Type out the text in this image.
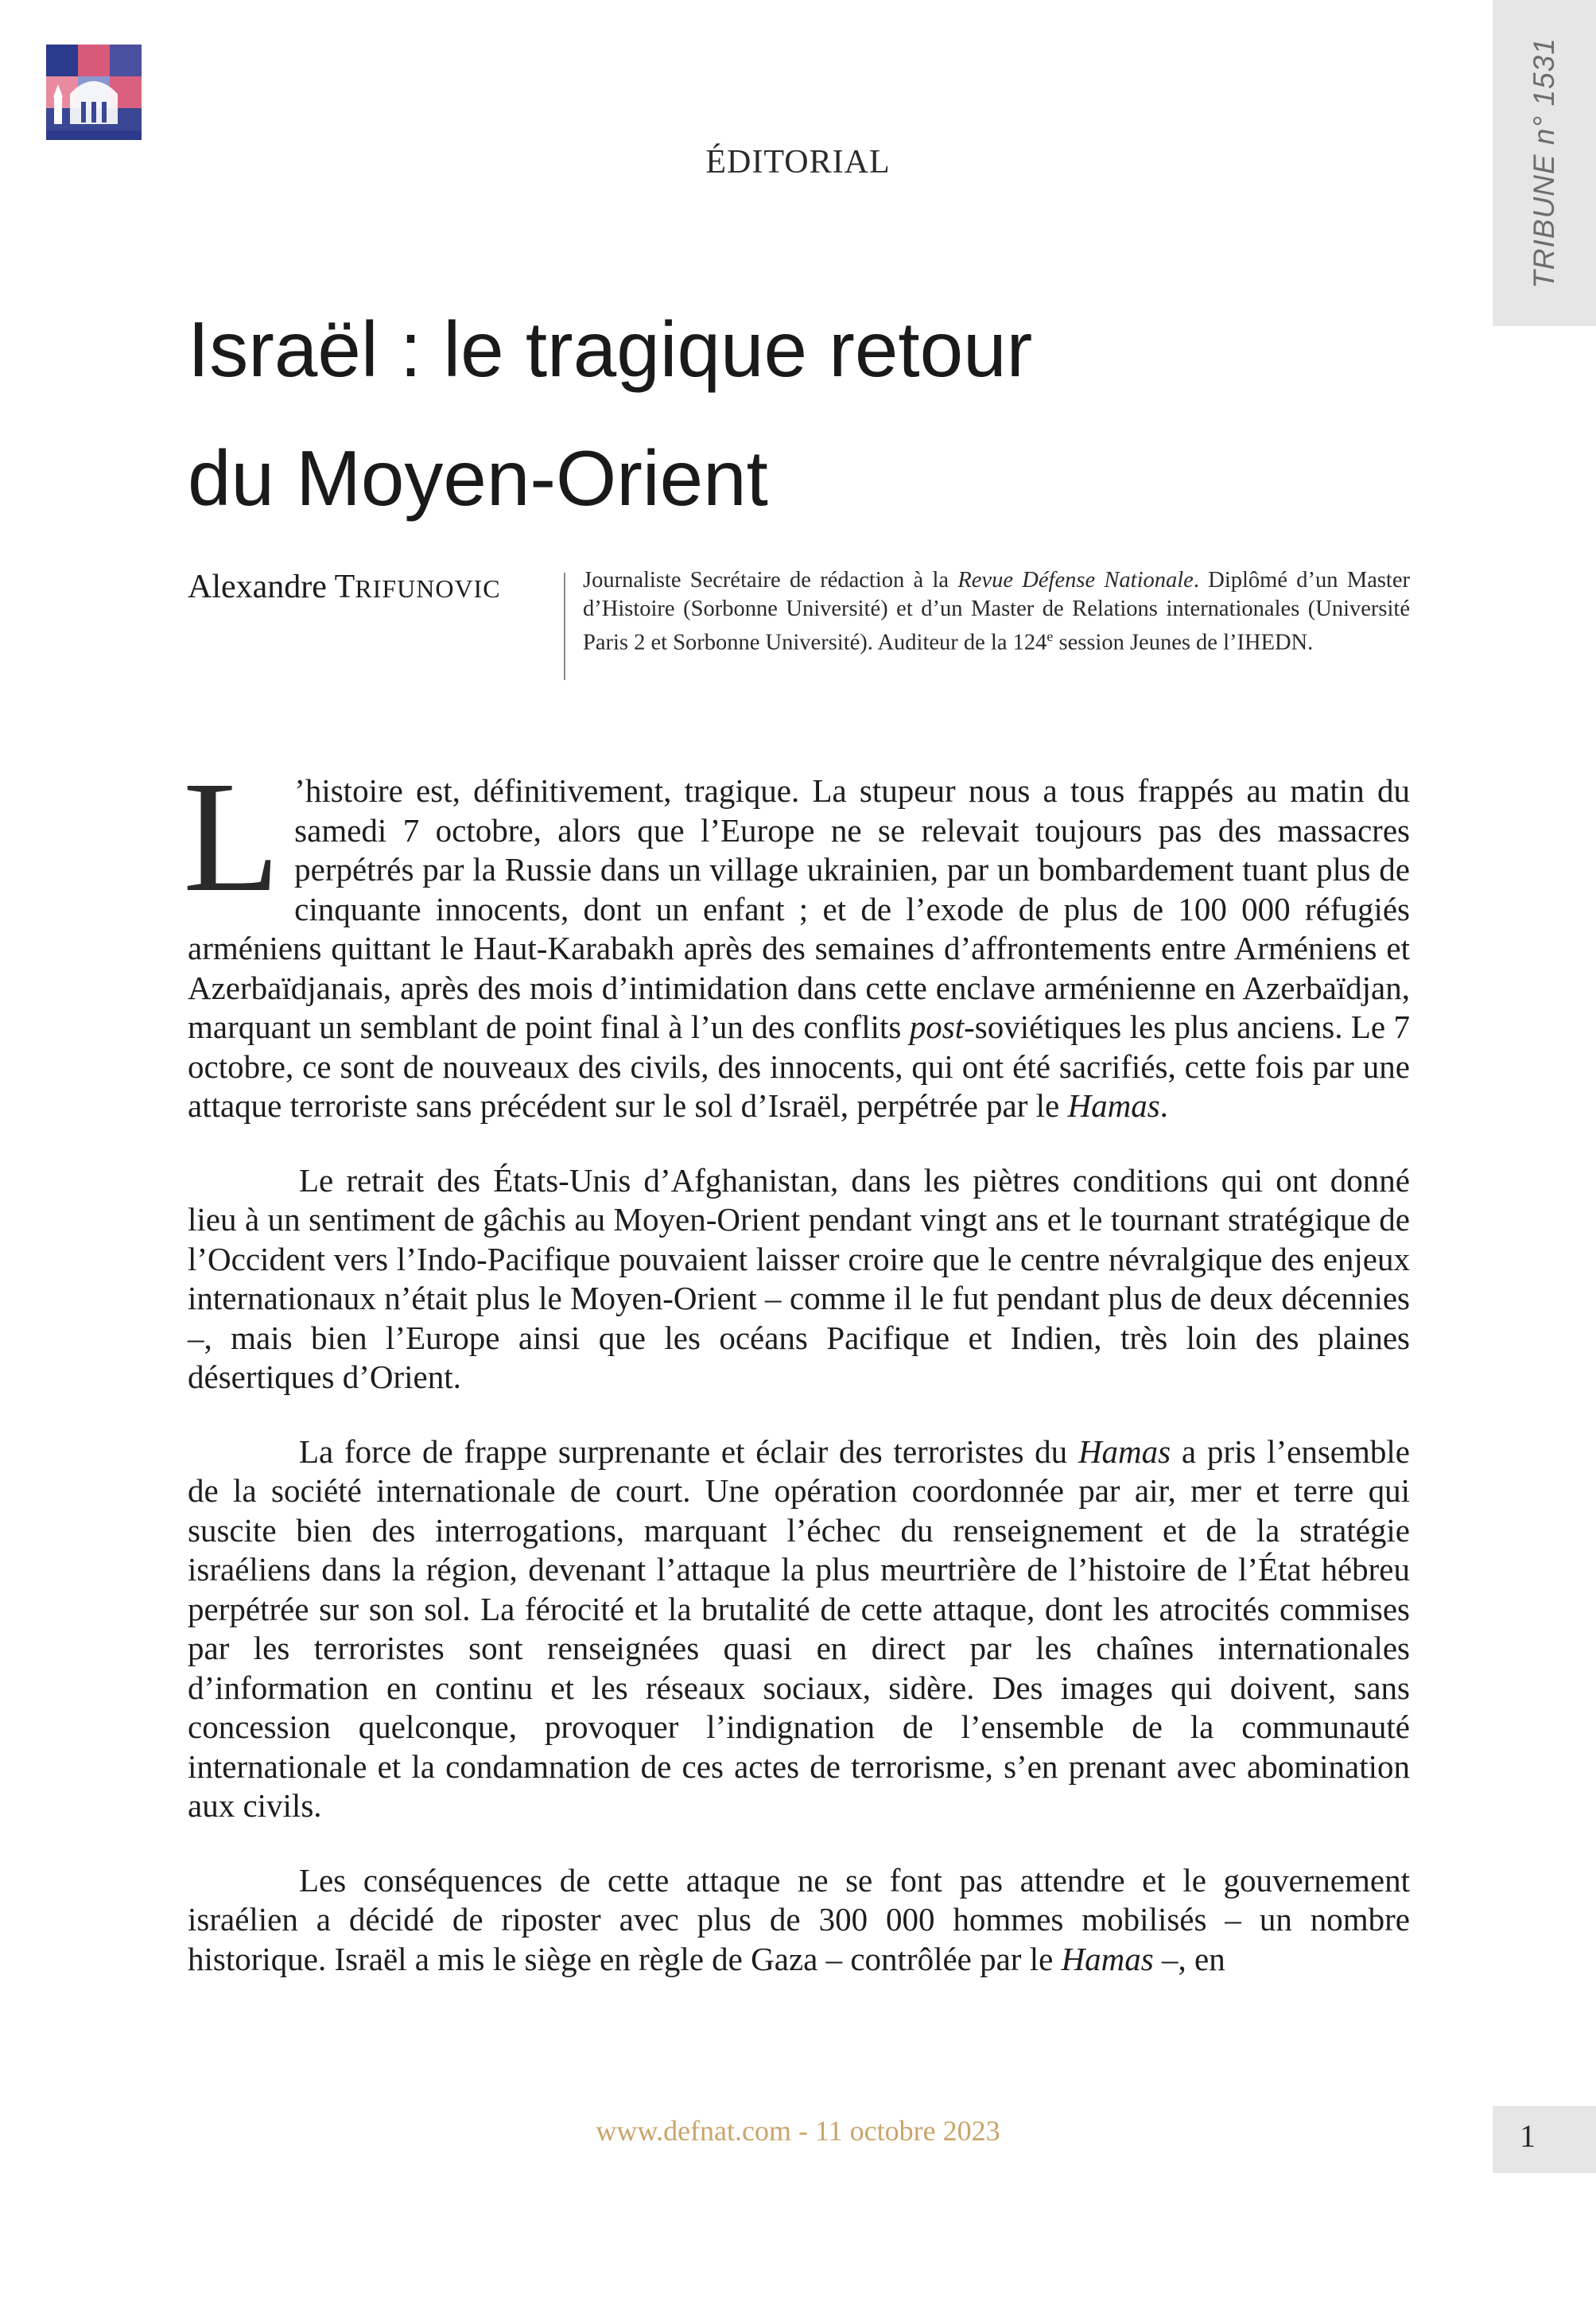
TRIBUNE n° 1531
ÉDITORIAL
Israël : le tragique retour
du Moyen-Orient
Alexandre TRIFUNOVIC	Journaliste Secrétaire de rédaction à la Revue Défense Nationale. Diplômé d’un Master d’Histoire (Sorbonne Université) et d’un Master de Relations internationales (Université Paris 2 et Sorbonne Université). Auditeur de la 124e session Jeunes de l’IHEDN.

L ’histoire est, définitivement, tragique. La stupeur nous a tous frappés au matin du samedi 7 octobre, alors que l’Europe ne se relevait toujours pas des massacres perpétrés par la Russie dans un village ukrainien, par un bombardement tuant plus de cinquante innocents, dont un enfant ; et de l’exode de plus de 100 000 réfugiés arméniens quittant le Haut-Karabakh après des semaines d’affrontements entre Arméniens et Azerbaïdjanais, après des mois d’intimidation dans cette enclave arménienne en Azerbaïdjan, marquant un semblant de point final à l’un des conflits post-soviétiques les plus anciens. Le 7 octobre, ce sont de nouveaux des civils, des innocents, qui ont été sacrifiés, cette fois par une attaque terroriste sans précédent sur le sol d’Israël, perpétrée par le Hamas.

Le retrait des États-Unis d’Afghanistan, dans les piètres conditions qui ont donné lieu à un sentiment de gâchis au Moyen-Orient pendant vingt ans et le tournant stratégique de l’Occident vers l’Indo-Pacifique pouvaient laisser croire que le centre névralgique des enjeux internationaux n’était plus le Moyen-Orient – comme il le fut pendant plus de deux décennies –, mais bien l’Europe ainsi que les océans Pacifique et Indien, très loin des plaines désertiques d’Orient.

La force de frappe surprenante et éclair des terroristes du Hamas a pris l’ensemble de la société internationale de court. Une opération coordonnée par air, mer et terre qui suscite bien des interrogations, marquant l’échec du renseignement et de la stratégie israéliens dans la région, devenant l’attaque la plus meurtrière de l’histoire de l’État hébreu perpétrée sur son sol. La férocité et la brutalité de cette attaque, dont les atrocités commises par les terroristes sont renseignées quasi en direct par les chaînes internationales d’information en continu et les réseaux sociaux, sidère. Des images qui doivent, sans concession quelconque, provoquer l’indignation de l’ensemble de la communauté internationale et la condamnation de ces actes de terrorisme, s’en prenant avec abomination aux civils.

Les conséquences de cette attaque ne se font pas attendre et le gouvernement israélien a décidé de riposter avec plus de 300 000 hommes mobilisés – un nombre historique. Israël a mis le siège en règle de Gaza – contrôlée par le Hamas –, en

www.defnat.com - 11 octobre 2023	1
